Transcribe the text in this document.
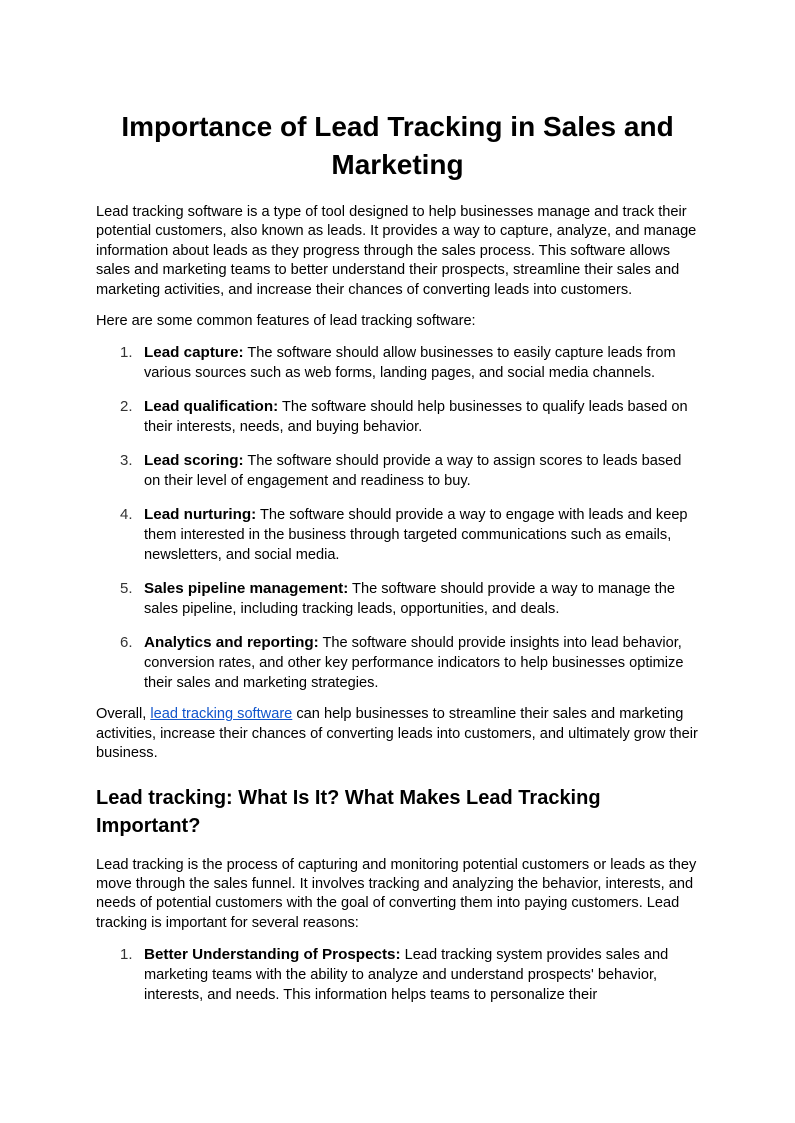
Importance of Lead Tracking in Sales and Marketing

Lead tracking software is a type of tool designed to help businesses manage and track their potential customers, also known as leads. It provides a way to capture, analyze, and manage information about leads as they progress through the sales process. This software allows sales and marketing teams to better understand their prospects, streamline their sales and marketing activities, and increase their chances of converting leads into customers.

Here are some common features of lead tracking software:

1. Lead capture: The software should allow businesses to easily capture leads from various sources such as web forms, landing pages, and social media channels.
2. Lead qualification: The software should help businesses to qualify leads based on their interests, needs, and buying behavior.
3. Lead scoring: The software should provide a way to assign scores to leads based on their level of engagement and readiness to buy.
4. Lead nurturing: The software should provide a way to engage with leads and keep them interested in the business through targeted communications such as emails, newsletters, and social media.
5. Sales pipeline management: The software should provide a way to manage the sales pipeline, including tracking leads, opportunities, and deals.
6. Analytics and reporting: The software should provide insights into lead behavior, conversion rates, and other key performance indicators to help businesses optimize their sales and marketing strategies.

Overall, lead tracking software can help businesses to streamline their sales and marketing activities, increase their chances of converting leads into customers, and ultimately grow their business.

Lead tracking: What Is It? What Makes Lead Tracking Important?

Lead tracking is the process of capturing and monitoring potential customers or leads as they move through the sales funnel. It involves tracking and analyzing the behavior, interests, and needs of potential customers with the goal of converting them into paying customers. Lead tracking is important for several reasons:

1. Better Understanding of Prospects: Lead tracking system provides sales and marketing teams with the ability to analyze and understand prospects' behavior, interests, and needs. This information helps teams to personalize their
